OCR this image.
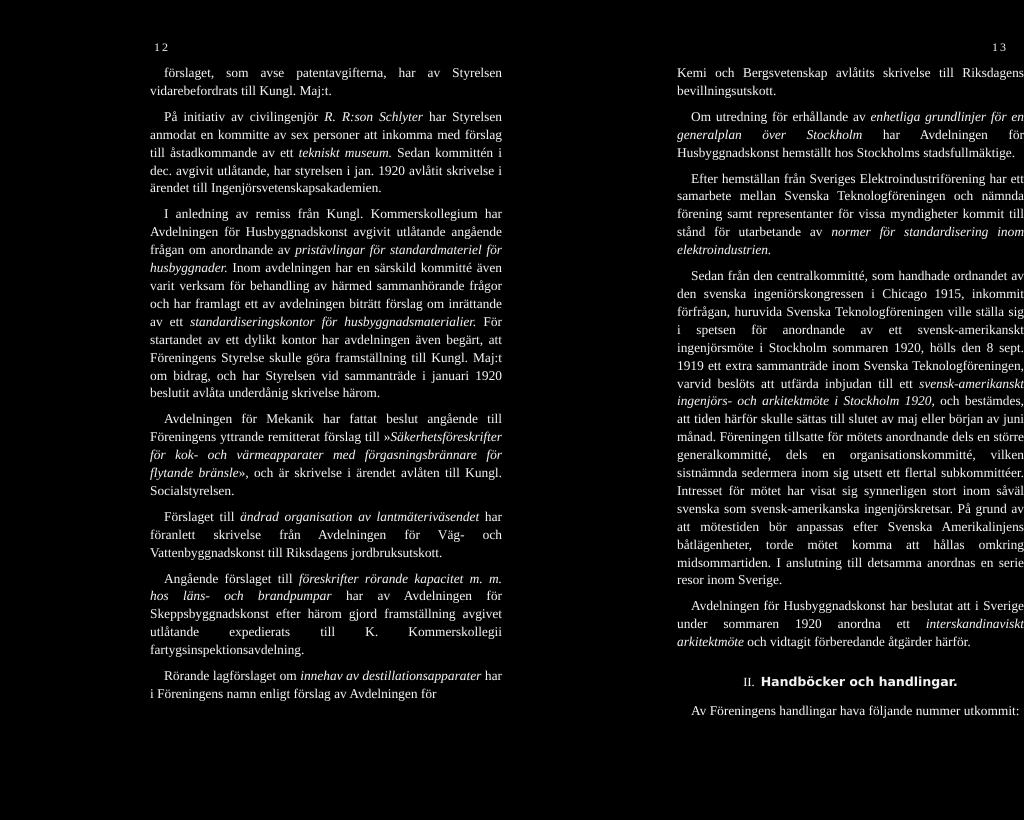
12

förslaget, som avse patentavgifterna, har av Styrelsen vidarebefordrats till Kungl. Maj:t.

På initiativ av civilingenjör R. R:son Schlyter har Styrelsen anmodat en kommitte av sex personer att inkomma med förslag till åstadkommande av ett tekniskt museum. Sedan kommittén i dec. avgivit utlåtande, har styrelsen i jan. 1920 avlåtit skrivelse i ärendet till Ingenjörsvetenskapsakademien.

I anledning av remiss från Kungl. Kommerskollegium har Avdelningen för Husbyggnadskonst avgivit utlåtande angående frågan om anordnande av pristävlingar för standardmateriel för husbyggnader. Inom avdelningen har en särskild kommitté även varit verksam för behandling av härmed sammanhörande frågor och har framlagt ett av avdelningen biträtt förslag om inrättande av ett standardiseringskontor för husbyggnadsmaterialier. För startandet av ett dylikt kontor har avdelningen även begärt, att Föreningens Styrelse skulle göra framställning till Kungl. Maj:t om bidrag, och har Styrelsen vid sammanträde i januari 1920 beslutit avlåta underdånig skrivelse härom.

Avdelningen för Mekanik har fattat beslut angående till Föreningens yttrande remitterat förslag till »Säkerhetsföreskrifter för kok- och värmeapparater med förgasningsbrännare för flytande bränsle», och är skrivelse i ärendet avlåten till Kungl. Socialstyrelsen.

Förslaget till ändrad organisation av lantmäteriväsendet har föranlett skrivelse från Avdelningen för Väg- och Vattenbyggnadskonst till Riksdagens jordbruksutskott.

Angående förslaget till föreskrifter rörande kapacitet m. m. hos läns- och brandpumpar har av Avdelningen för Skeppsbyggnadskonst efter härom gjord framställning avgivet utlåtande expedierats till K. Kommerskollegii fartygsinspektionsavdelning.

Rörande lagförslaget om innehav av destillationsapparater har i Föreningens namn enligt förslag av Avdelningen för

13

Kemi och Bergsvetenskap avlåtits skrivelse till Riksdagens bevillningsutskott.

Om utredning för erhållande av enhetliga grundlinjer för en generalplan över Stockholm har Avdelningen för Husbyggnadskonst hemställt hos Stockholms stadsfullmäktige.

Efter hemställan från Sveriges Elektroindustriförening har ett samarbete mellan Svenska Teknologföreningen och nämnda förening samt representanter för vissa myndigheter kommit till stånd för utarbetande av normer för standardisering inom elektroindustrien.

Sedan från den centralkommitté, som handhade ordnandet av den svenska ingeniörskongressen i Chicago 1915, inkommit förfrågan, huruvida Svenska Teknologföreningen ville ställa sig i spetsen för anordnande av ett svensk-amerikanskt ingenjörsmöte i Stockholm sommaren 1920, hölls den 8 sept. 1919 ett extra sammanträde inom Svenska Teknologföreningen, varvid beslöts att utfärda inbjudan till ett svensk-amerikanskt ingenjörs- och arkitektmöte i Stockholm 1920, och bestämdes, att tiden härför skulle sättas till slutet av maj eller början av juni månad. Föreningen tillsatte för mötets anordnande dels en större generalkommitté, dels en organisationskommitté, vilken sistnämnda sedermera inom sig utsett ett flertal subkommittéer. Intresset för mötet har visat sig synnerligen stort inom såväl svenska som svensk-amerikanska ingenjörskretsar. På grund av att mötestiden bör anpassas efter Svenska Amerikalinjens båtlägenheter, torde mötet komma att hållas omkring midsommartiden. I anslutning till detsamma anordnas en serie resor inom Sverige.

Avdelningen för Husbyggnadskonst har beslutat att i Sverige under sommaren 1920 anordna ett interskandinaviskt arkitektmöte och vidtagit förberedande åtgärder härför.

II. Handböcker och handlingar.

Av Föreningens handlingar hava följande nummer utkommit:
